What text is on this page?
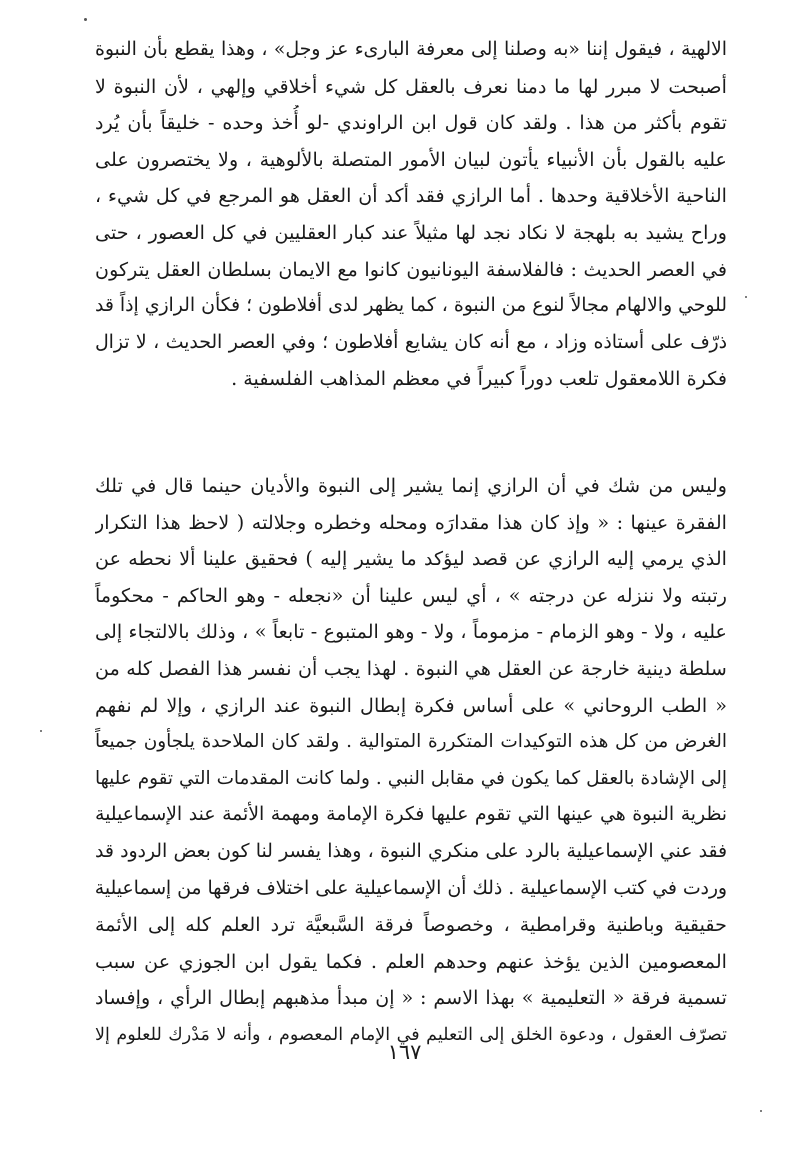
الالهية ، فيقول إننا «به وصلنا إلى معرفة البارىء عز وجل» ، وهذا يقطع بأن النبوة
أصبحت لا مبرر لها ما دمنا نعرف بالعقل كل شيء أخلاقي وإلهي ، لأن النبوة لا
تقوم بأكثر من هذا . ولقد كان قول ابن الراوندي -لو أُخذ وحده - خليقاً بأن يُرد
عليه بالقول بأن الأنبياء يأتون لبيان الأمور المتصلة بالألوهية ، ولا يختصرون على
الناحية الأخلاقية وحدها . أما الرازي فقد أكد أن العقل هو المرجع في كل شيء ،
وراح يشيد به بلهجة لا نكاد نجد لها مثيلاً عند كبار العقليين في كل العصور ، حتى
في العصر الحديث : فالفلاسفة اليونانيون كانوا مع الايمان بسلطان العقل يتركون
للوحي والالهام مجالاً لنوع من النبوة ، كما يظهر لدى أفلاطون ؛ فكأن الرازي إذاً قد
ذرّف على أستاذه وزاد ، مع أنه كان يشايع أفلاطون ؛ وفي العصر الحديث ، لا تزال
فكرة اللامعقول تلعب دوراً كبيراً في معظم المذاهب الفلسفية .
وليس من شك في أن الرازي إنما يشير إلى النبوة والأديان حينما قال في تلك
الفقرة عينها : « وإذ كان هذا مقدارَه ومحله وخطره وجلالته ( لاحظ هذا التكرار
الذي يرمي إليه الرازي عن قصد ليؤكد ما يشير إليه ) فحقيق علينا ألا نحطه عن
رتبته ولا ننزله عن درجته » ، أي ليس علينا أن «نجعله - وهو الحاكم - محكوماً
عليه ، ولا - وهو الزمام - مزموماً ، ولا - وهو المتبوع - تابعاً » ، وذلك بالالتجاء إلى
سلطة دينية خارجة عن العقل هي النبوة . لهذا يجب أن نفسر هذا الفصل كله من
« الطب الروحاني » على أساس فكرة إبطال النبوة عند الرازي ، وإلا لم نفهم
الغرض من كل هذه التوكيدات المتكررة المتوالية . ولقد كان الملاحدة يلجأون جميعاً
إلى الإشادة بالعقل كما يكون في مقابل النبي . ولما كانت المقدمات التي تقوم عليها
نظرية النبوة هي عينها التي تقوم عليها فكرة الإمامة ومهمة الأئمة عند الإسماعيلية
فقد عني الإسماعيلية بالرد على منكري النبوة ، وهذا يفسر لنا كون بعض الردود قد
وردت في كتب الإسماعيلية . ذلك أن الإسماعيلية على اختلاف فرقها من إسماعيلية
حقيقية وباطنية وقرامطية ، وخصوصاً فرقة السَّبعيَّة ترد العلم كله إلى الأئمة
المعصومين الذين يؤخذ عنهم وحدهم العلم . فكما يقول ابن الجوزي عن سبب
تسمية فرقة « التعليمية » بهذا الاسم : « إن مبدأ مذهبهم إبطال الرأي ، وإفساد
تصرّف العقول ، ودعوة الخلق إلى التعليم في الإمام المعصوم ، وأنه لا مَدْرك للعلوم إلا
١٦٧
